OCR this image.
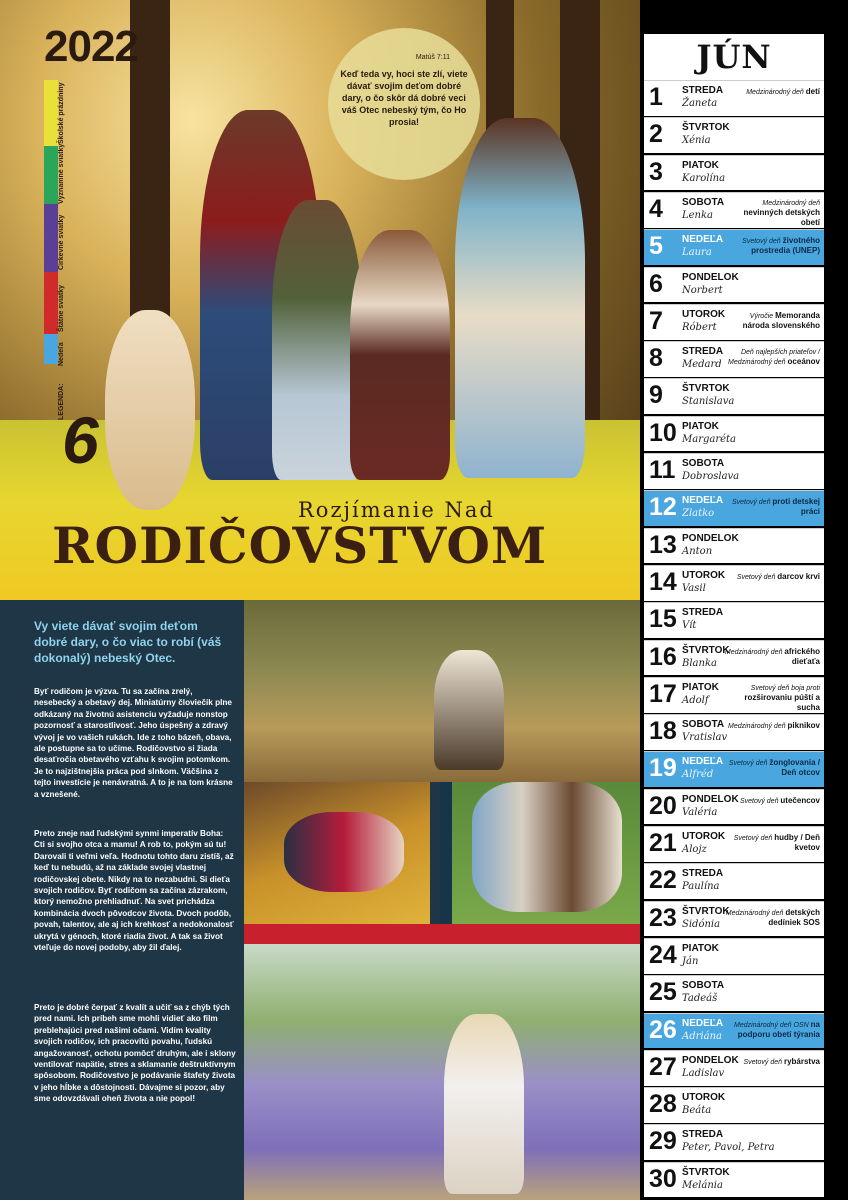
2022
Školské prázdniny
Významné sviatky
Cirkevné sviatky
Štátne sviatky
Nedeľa
LEGENDA:
6
Matúš 7:11
Keď teda vy, hoci ste zlí, viete dávať svojim deťom dobré dary, o čo skôr dá dobré veci váš Otec nebeský tým, čo Ho prosia!
Rozjímanie Nad
RODIČOVSTVOM
Vy viete dávať svojim deťom dobré dary, o čo viac to robí (váš dokonalý) nebeský Otec.

Byť rodičom je výzva. Tu sa začína zrelý, nesebecký a obetavý dej. Miniatúrny človiečik plne odkázaný na životnú asistenciu vyžaduje nonstop pozornosť a starostlivosť. Jeho úspešný a zdravý vývoj je vo vašich rukách. Ide z toho bázeň, obava, ale postupne sa to učíme. Rodičovstvo si žiada desaťročia obetavého vzťahu k svojim potomkom. Je to najzištnejšia práca pod slnkom. Väčšina z tejto investície je nenávratná. A to je na tom krásne a vznešené.

Preto zneje nad ľudskými synmi imperatív Boha: Cti si svojho otca a mamu! A rob to, pokým sú tu! Darovali ti veľmi veľa. Hodnotu tohto daru zistíš, až keď tu nebudú, až na základe svojej vlastnej rodičovskej obete. Nikdy na to nezabudni. Si dieťa svojich rodičov. Byť rodičom sa začína zázrakom, ktorý nemožno prehliadnuť. Na svet prichádza kombinácia dvoch pôvodcov života. Dvoch podôb, povah, talentov, ale aj ich krehkosť a nedokonalosť ukrytá v génoch, ktoré riadia život. A tak sa život vteľuje do novej podoby, aby žil ďalej.

Preto je dobré čerpať z kvalít a učiť sa z chýb tých pred nami. Ich príbeh sme mohli vidieť ako film preblehajúci pred našimi očami. Vidím kvality svojich rodičov, ich pracovitú povahu, ľudskú angažovanosť, ochotu pomôcť druhým, ale i sklony ventilovať napätie, stres a sklamanie deštruktívnym spôsobom. Rodičovstvo je podávanie štafety života v jeho hĺbke a dôstojnosti. Dávajme si pozor, aby sme odovzdávali oheň života a nie popol!

JÚN
1 STREDA
Žaneta
Medzinárodný deň detí
2 ŠTVRTOK
Xénia
3 PIATOK
Karolína
4 SOBOTA
Lenka
Medzinárodný deň nevinných detských obetí
5 NEDEĽA
Laura
Svetový deň životného prostredia (UNEP)
6 PONDELOK
Norbert
7 UTOROK
Róbert
Výročie Memoranda národa slovenského
8 STREDA
Medard
Deň najlepších priateľov / Medzinárodný deň oceánov
9 ŠTVRTOK
Stanislava
10 PIATOK
Margaréta
11 SOBOTA
Dobroslava
12 NEDEĽA
Zlatko
Svetový deň proti detskej práci
13 PONDELOK
Anton
14 UTOROK
Vasil
Svetový deň darcov krvi
15 STREDA
Vít
16 ŠTVRTOK
Blanka
Medzinárodný deň afrického dieťaťa
17 PIATOK
Adolf
Svetový deň boja proti rozširovaniu púští a sucha
18 SOBOTA
Vratislav
Medzinárodný deň piknikov
19 NEDEĽA
Alfréd
Svetový deň žonglovania / Deň otcov
20 PONDELOK
Valéria
Svetový deň utečencov
21 UTOROK
Alojz
Svetový deň hudby / Deň kvetov
22 STREDA
Paulína
23 ŠTVRTOK
Sidónia
Medzinárodný deň detských dedíniek SOS
24 PIATOK
Ján
25 SOBOTA
Tadeáš
26 NEDEĽA
Adriána
Medzinárodný deň OSN na podporu obetí týrania
27 PONDELOK
Ladislav
Svetový deň rybárstva
28 UTOROK
Beáta
29 STREDA
Peter, Pavol, Petra
30 ŠTVRTOK
Melánia
